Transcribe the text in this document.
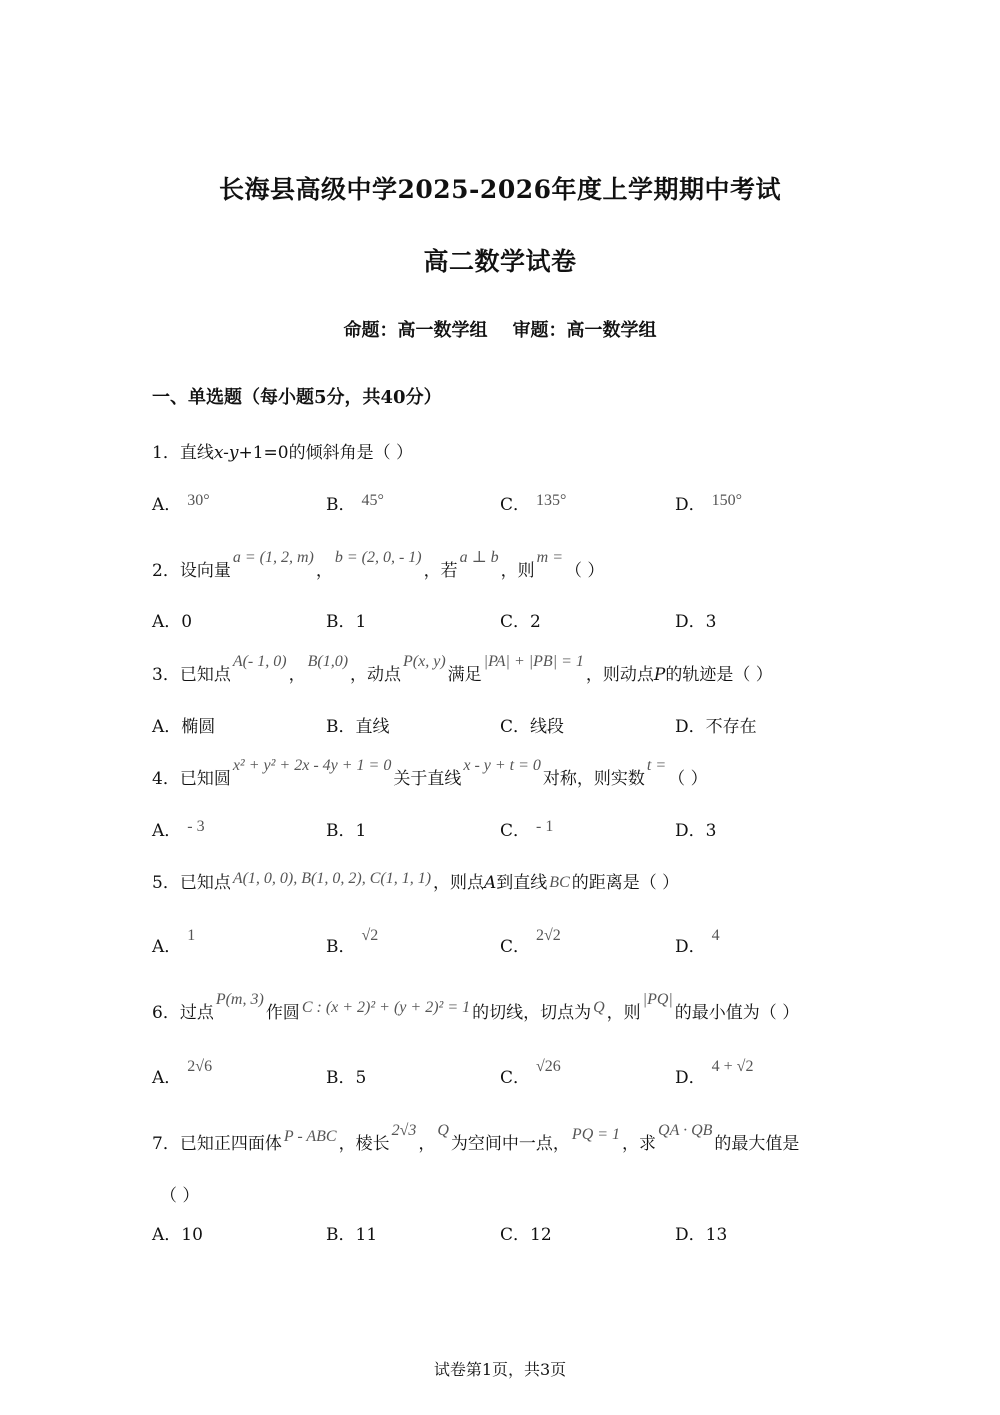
长海县高级中学2025-2026年度上学期期中考试
高二数学试卷
命题：高一数学组    审题：高一数学组
一、单选题（每小题5分，共40分）
1．直线x-y+1=0的倾斜角是（ ）
A． 30°	B． 45°	C． 135°	D． 150°
2．设向量a = (1, 2, m)，b = (2, 0, - 1)，若a ⊥ b，则m =（ ）
A．0	B．1	C．2	D．3
3．已知点A(- 1, 0)，B(1,0)，动点P(x, y)满足|PA| + |PB| = 1，则动点P的轨迹是（ ）
A．椭圆	B．直线	C．线段	D．不存在
4．已知圆x² + y² + 2x - 4y + 1 = 0关于直线x - y + t = 0对称，则实数t =（ ）
A． - 3	B．1	C． - 1	D．3
5．已知点 A(1, 0, 0), B(1, 0, 2), C(1, 1, 1) ，则点A到直线 BC 的距离是（ ）
A．1
B．√2
C．2√2
D．4
6．过点P(m, 3)作圆 C : (x + 2)² + (y + 2)² = 1 的切线，切点为 Q ，则|PQ|的最小值为（ ）
A．2√6
B．5	C．√26
D．4 + √2
7．已知正四面体 P - ABC ，棱长2√3，Q为空间中一点， PQ = 1 ，求QA · QB的最大值是
（ ）
A．10	B．11	C．12	D．13
试卷第1页，共3页
